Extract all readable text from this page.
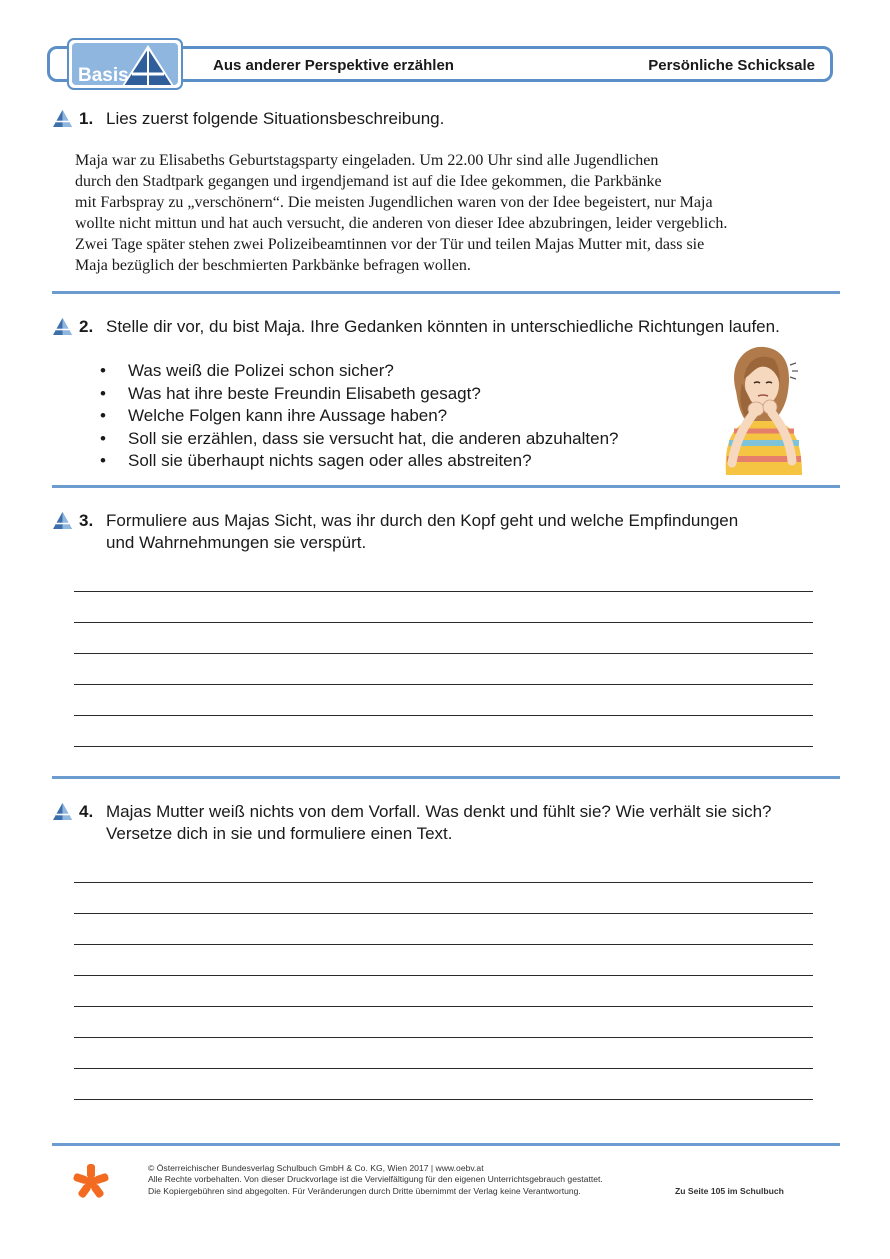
Basis	Aus anderer Perspektive erzählen	Persönliche Schicksale
1. Lies zuerst folgende Situationsbeschreibung.
Maja war zu Elisabeths Geburtstagsparty eingeladen. Um 22.00 Uhr sind alle Jugendlichen
durch den Stadtpark gegangen und irgendjemand ist auf die Idee gekommen, die Parkbänke
mit Farbspray zu „verschönern“. Die meisten Jugendlichen waren von der Idee begeistert, nur Maja
wollte nicht mittun und hat auch versucht, die anderen von dieser Idee abzubringen, leider vergeblich.
Zwei Tage später stehen zwei Polizeibeamtinnen vor der Tür und teilen Majas Mutter mit, dass sie
Maja bezüglich der beschmierten Parkbänke befragen wollen.
2. Stelle dir vor, du bist Maja. Ihre Gedanken könnten in unterschiedliche Richtungen laufen.
•	Was weiß die Polizei schon sicher?
•	Was hat ihre beste Freundin Elisabeth gesagt?
•	Welche Folgen kann ihre Aussage haben?
•	Soll sie erzählen, dass sie versucht hat, die anderen abzuhalten?
•	Soll sie überhaupt nichts sagen oder alles abstreiten?
3. Formuliere aus Majas Sicht, was ihr durch den Kopf geht und welche Empfindungen
und Wahrnehmungen sie verspürt.
4. Majas Mutter weiß nichts von dem Vorfall. Was denkt und fühlt sie? Wie verhält sie sich?
Versetze dich in sie und formuliere einen Text.
© Österreichischer Bundesverlag Schulbuch GmbH & Co. KG, Wien 2017 | www.oebv.at
Alle Rechte vorbehalten. Von dieser Druckvorlage ist die Vervielfältigung für den eigenen Unterrichtsgebrauch gestattet.
Die Kopiergebühren sind abgegolten. Für Veränderungen durch Dritte übernimmt der Verlag keine Verantwortung.	Zu Seite 105 im Schulbuch
